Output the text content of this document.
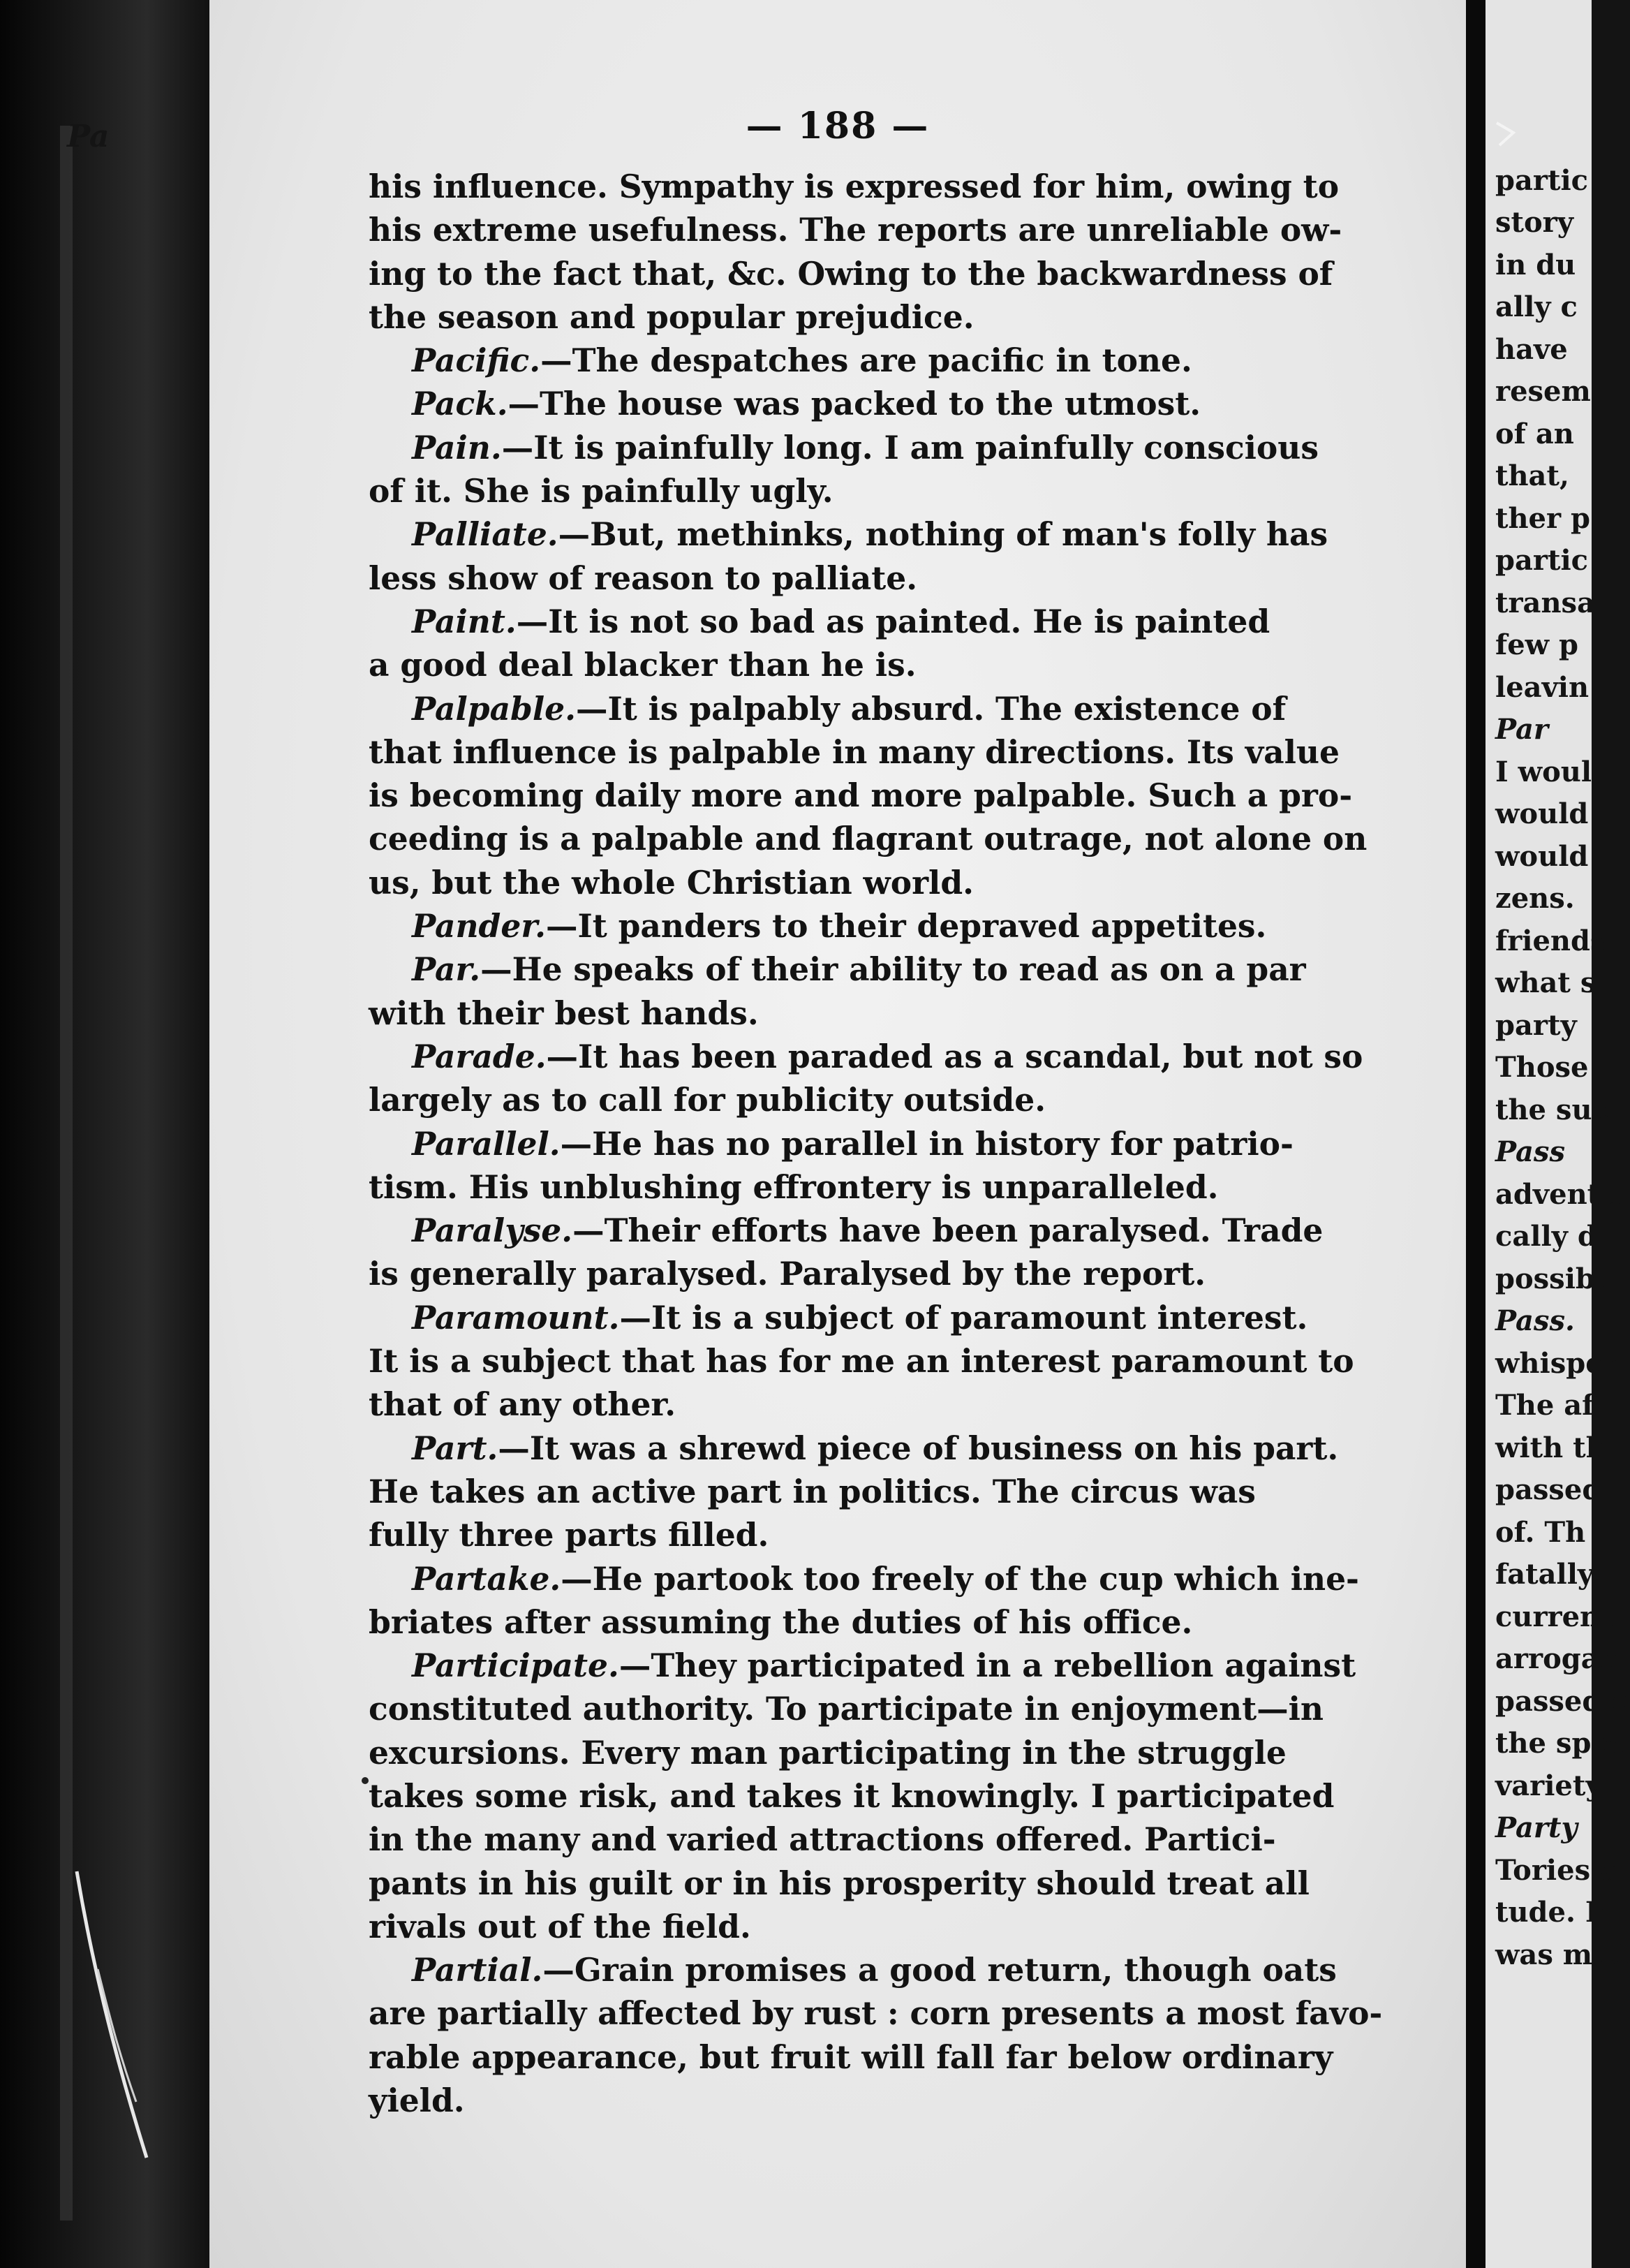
— 188 —
his influence. Sympathy is expressed for him, owing to
his extreme usefulness. The reports are unreliable ow-
ing to the fact that, &c. Owing to the backwardness of
the season and popular prejudice.
Pacific.—The despatches are pacific in tone.
Pack.—The house was packed to the utmost.
Pain.—It is painfully long. I am painfully conscious
of it. She is painfully ugly.
Palliate.—But, methinks, nothing of man's folly has
less show of reason to palliate.
Paint.—It is not so bad as painted. He is painted
a good deal blacker than he is.
Palpable.—It is palpably absurd. The existence of
that influence is palpable in many directions. Its value
is becoming daily more and more palpable. Such a pro-
ceeding is a palpable and flagrant outrage, not alone on
us, but the whole Christian world.
Pander.—It panders to their depraved appetites.
Par.—He speaks of their ability to read as on a par
with their best hands.
Parade.—It has been paraded as a scandal, but not so
largely as to call for publicity outside.
Parallel.—He has no parallel in history for patrio-
tism. His unblushing effrontery is unparalleled.
Paralyse.—Their efforts have been paralysed. Trade
is generally paralysed. Paralysed by the report.
Paramount.—It is a subject of paramount interest.
It is a subject that has for me an interest paramount to
that of any other.
Part.—It was a shrewd piece of business on his part.
He takes an active part in politics. The circus was
fully three parts filled.
Partake.—He partook too freely of the cup which ine-
briates after assuming the duties of his office.
Participate.—They participated in a rebellion against
constituted authority. To participate in enjoyment—in
excursions. Every man participating in the struggle
takes some risk, and takes it knowingly. I participated
in the many and varied attractions offered. Partici-
pants in his guilt or in his prosperity should treat all
rivals out of the field.
Partial.—Grain promises a good return, though oats
are partially affected by rust : corn presents a most favo-
rable appearance, but fruit will fall far below ordinary
yield.
partic
story
in du
ally c
have
resem
of an
that,
ther p
partic
transa
few p
leavin
Par
I woul
would
would
zens.
friends
what s
party
Those
the suc
Pass
adventu
cally d
possibl
Pass.
whisper
The aff
with th
passed
of. Th
fatally.
current
arrogan
passed c
the spec
variety
Party
Tories a
tude. H
was mad
Pa
